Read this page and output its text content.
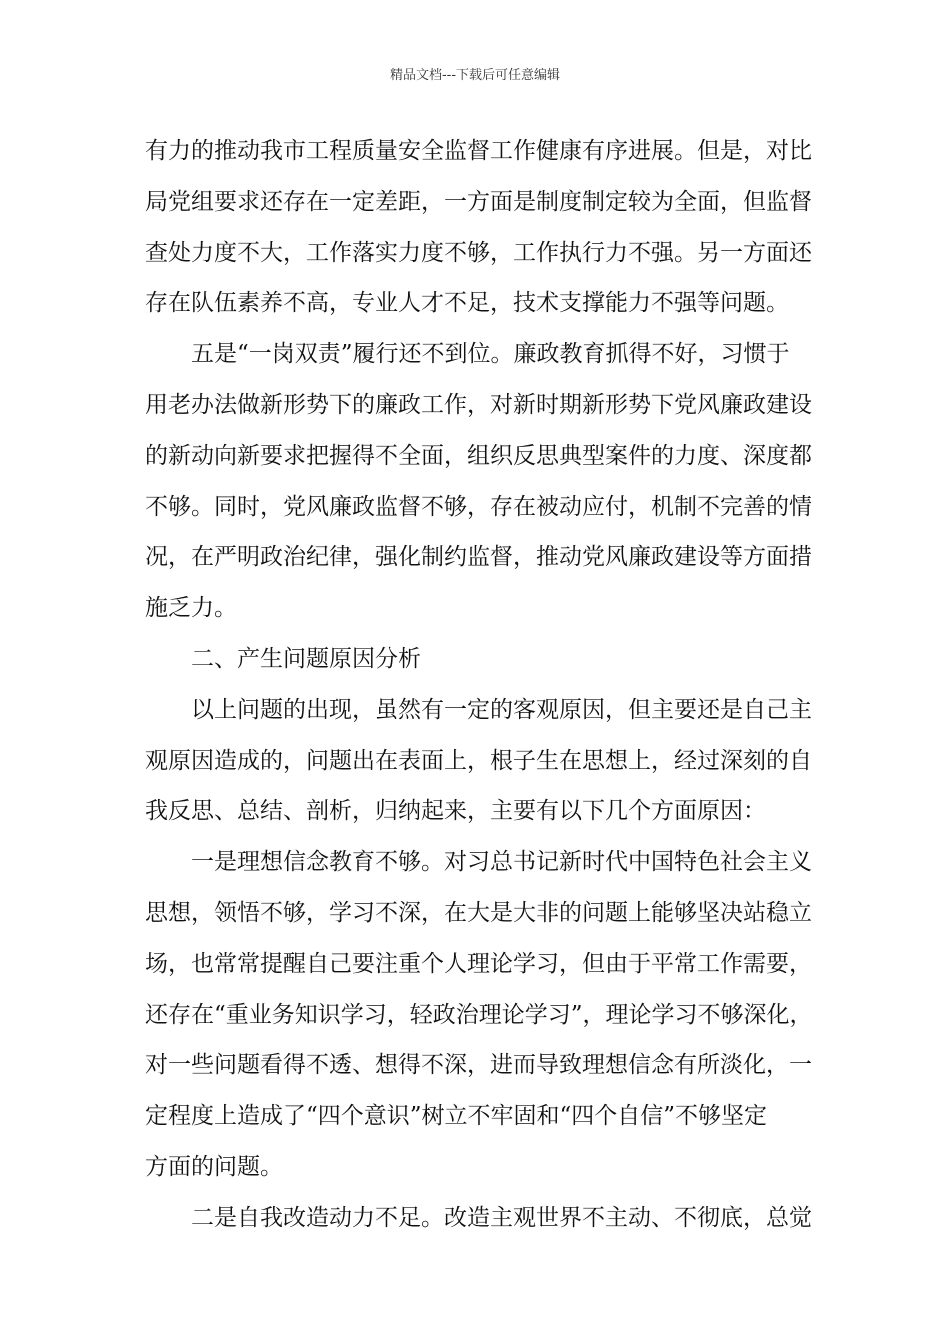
精品文档---下载后可任意编辑
有力的推动我市工程质量安全监督工作健康有序进展。但是，对比
局党组要求还存在一定差距，一方面是制度制定较为全面，但监督
查处力度不大，工作落实力度不够，工作执行力不强。另一方面还
存在队伍素养不高，专业人才不足，技术支撑能力不强等问题。
五是“一岗双责”履行还不到位。廉政教育抓得不好，习惯于
用老办法做新形势下的廉政工作，对新时期新形势下党风廉政建设
的新动向新要求把握得不全面，组织反思典型案件的力度、深度都
不够。同时，党风廉政监督不够，存在被动应付，机制不完善的情
况，在严明政治纪律，强化制约监督，推动党风廉政建设等方面措
施乏力。
二、产生问题原因分析
以上问题的出现，虽然有一定的客观原因，但主要还是自己主
观原因造成的，问题出在表面上，根子生在思想上，经过深刻的自
我反思、总结、剖析，归纳起来，主要有以下几个方面原因：
一是理想信念教育不够。对习总书记新时代中国特色社会主义
思想，领悟不够，学习不深，在大是大非的问题上能够坚决站稳立
场，也常常提醒自己要注重个人理论学习，但由于平常工作需要，
还存在“重业务知识学习，轻政治理论学习”，理论学习不够深化，
对一些问题看得不透、想得不深，进而导致理想信念有所淡化，一
定程度上造成了“四个意识”树立不牢固和“四个自信”不够坚定
方面的问题。
二是自我改造动力不足。改造主观世界不主动、不彻底，总觉
